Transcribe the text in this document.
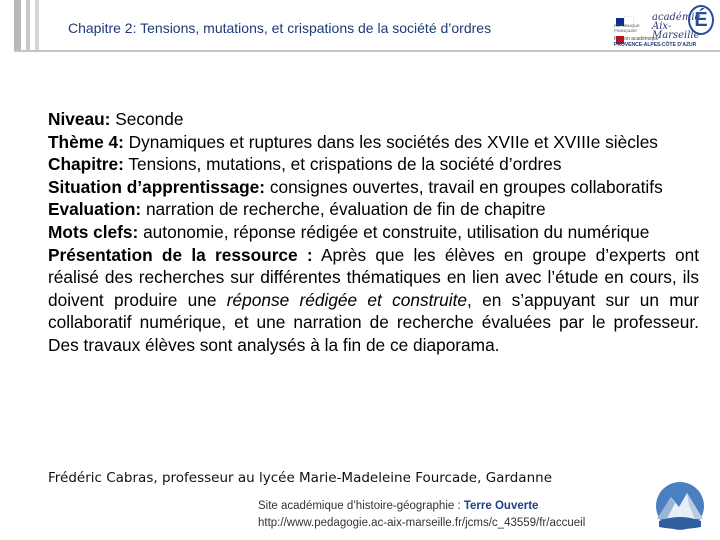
Chapitre 2: Tensions, mutations, et crispations de la société d’ordres	RÉPUBLIQUE FRANÇAISE
académie
Aix-Marseille
É
Région académique
PROVENCE-ALPES-CÔTE D’AZUR

Niveau: Seconde

Thème 4: Dynamiques et ruptures dans les sociétés des XVIIe et XVIIIe siècles

Chapitre: Tensions, mutations, et crispations de la société d’ordres

Situation d’apprentissage: consignes ouvertes, travail en groupes collaboratifs

Evaluation: narration de recherche, évaluation de fin de chapitre

Mots clefs: autonomie, réponse rédigée et construite, utilisation du numérique

Présentation de la ressource : Après que les élèves en groupe d’experts ont réalisé des recherches sur différentes thématiques en lien avec l’étude en cours, ils doivent produire une réponse rédigée et construite, en s’appuyant sur un mur collaboratif numérique, et une narration de recherche évaluées par le professeur. Des travaux élèves sont analysés à la fin de ce diaporama.

Frédéric Cabras, professeur au lycée Marie-Madeleine Fourcade, Gardanne
Site académique d’histoire-géographie : Terre Ouverte
http://www.pedagogie.ac-aix-marseille.fr/jcms/c_43559/fr/accueil
